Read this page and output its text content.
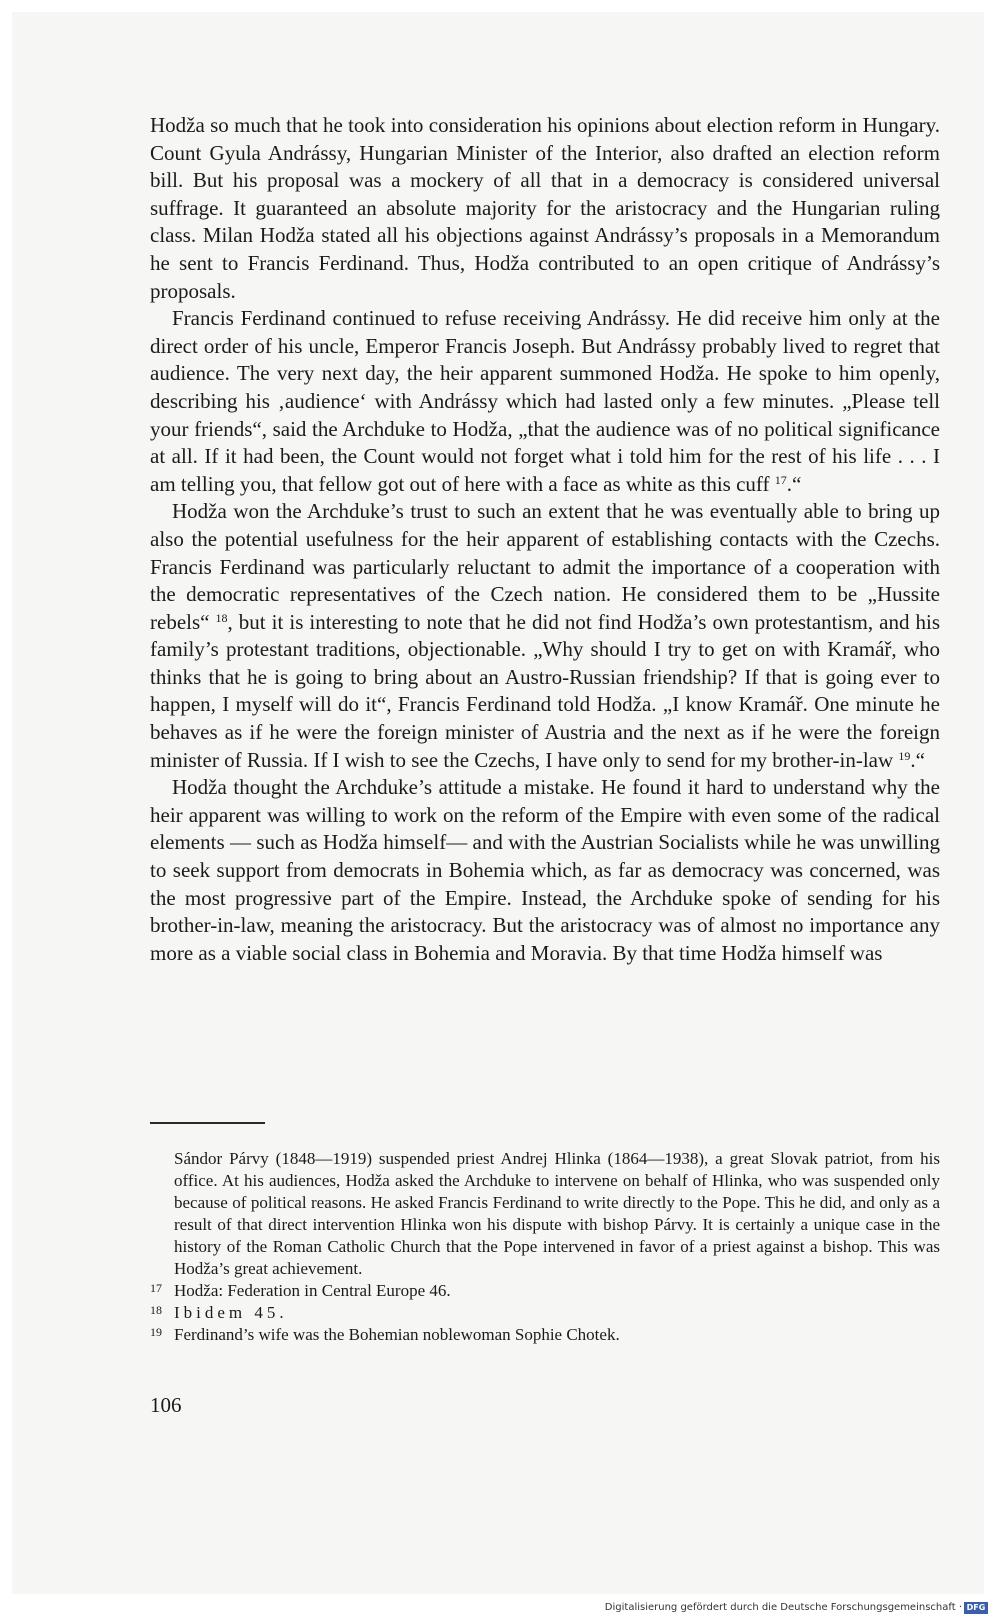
Hodža so much that he took into consideration his opinions about election reform in Hungary. Count Gyula Andrássy, Hungarian Minister of the Interior, also drafted an election reform bill. But his proposal was a mockery of all that in a democracy is considered universal suffrage. It guaranteed an absolute majority for the aristocracy and the Hungarian ruling class. Milan Hodža stated all his objections against Andrássy’s proposals in a Memorandum he sent to Francis Ferdinand. Thus, Hodža contributed to an open critique of Andrássy’s proposals.

Francis Ferdinand continued to refuse receiving Andrássy. He did receive him only at the direct order of his uncle, Emperor Francis Joseph. But Andrássy probably lived to regret that audience. The very next day, the heir apparent summoned Hodža. He spoke to him openly, describing his ‚audience‘ with Andrássy which had lasted only a few minutes. „Please tell your friends“, said the Archduke to Hodža, „that the audience was of no political significance at all. If it had been, the Count would not forget what i told him for the rest of his life . . . I am telling you, that fellow got out of here with a face as white as this cuff $^{17}$.“

Hodža won the Archduke’s trust to such an extent that he was eventually able to bring up also the potential usefulness for the heir apparent of establishing contacts with the Czechs. Francis Ferdinand was particularly reluctant to admit the importance of a cooperation with the democratic representatives of the Czech nation. He considered them to be „Hussite rebels“ $^{18}$, but it is interesting to note that he did not find Hodža’s own protestantism, and his family’s protestant traditions, objectionable. „Why should I try to get on with Kramář, who thinks that he is going to bring about an Austro-Russian friendship? If that is going ever to happen, I myself will do it“, Francis Ferdinand told Hodža. „I know Kramář. One minute he behaves as if he were the foreign minister of Austria and the next as if he were the foreign minister of Russia. If I wish to see the Czechs, I have only to send for my brother-in-law $^{19}$.“

Hodža thought the Archduke’s attitude a mistake. He found it hard to understand why the heir apparent was willing to work on the reform of the Empire with even some of the radical elements — such as Hodža himself— and with the Austrian Socialists while he was unwilling to seek support from democrats in Bohemia which, as far as democracy was concerned, was the most progressive part of the Empire. Instead, the Archduke spoke of sending for his brother-in-law, meaning the aristocracy. But the aristocracy was of almost no importance any more as a viable social class in Bohemia and Moravia. By that time Hodža himself was

Sándor Párvy (1848—1919) suspended priest Andrej Hlinka (1864—1938), a great Slovak patriot, from his office. At his audiences, Hodža asked the Archduke to intervene on behalf of Hlinka, who was suspended only because of political reasons. He asked Francis Ferdinand to write directly to the Pope. This he did, and only as a result of that direct intervention Hlinka won his dispute with bishop Párvy. It is certainly a unique case in the history of the Roman Catholic Church that the Pope intervened in favor of a priest against a bishop. This was Hodža’s great achievement.
17 Hodža: Federation in Central Europe 46.
18 Ibidem 45.
19 Ferdinand’s wife was the Bohemian noblewoman Sophie Chotek.
106
Digitalisierung gefördert durch die Deutsche Forschungsgemeinschaft · DFG
